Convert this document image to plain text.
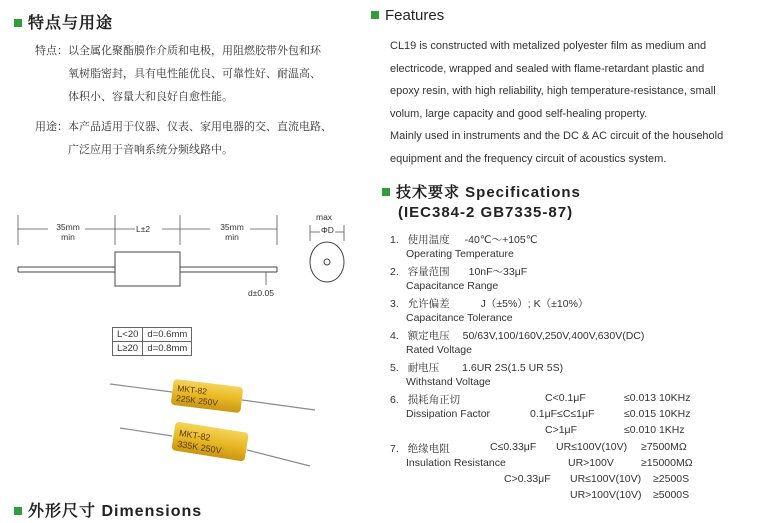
特点与用途
特点：以全属化聚酯膜作介质和电极，用阻燃胶带外包和环
氧树脂密封，具有电性能优良、可靠性好、耐温高、
体积小、容量大和良好自愈性能。
用途：本产品适用于仪器、仪表、家用电器的交、直流电路、
广泛应用于音响系统分频线路中。
35mm
min
L±2	35mm
min
max
ΦD
d±0.05
L<20	d=0.6mm
L≥20	d=0.8mm
MKT-82
225K 250V
MKT-82
335K 250V
外形尺寸 Dimensions
Features
CL19 is constructed with metalized polyester film as medium and
electricode, wrapped and sealed with flame-retardant plastic and
epoxy resin, with high reliability, high temperature-resistance, small
volum, large capacity and good self-healing property.
Mainly used in instruments and the DC & AC circuit of the household
equipment and the frequency circuit of acoustics system.
技术要求 Specifications
(IEC384-2 GB7335-87)
1. 使用温度 -40℃～+105℃
Operating Temperature
2. 容量范围 10nF～33μF
Capacitance Range
3. 允许偏差	J（±5%）; K（±10%）
Capacitance Tolerance
4. 额定电压 50/63V,100/160V,250V,400V,630V(DC)
Rated Voltage
5. 耐电压 1.6UR 2S(1.5 UR 5S)
Withstand Voltage
6. 损耗角正切	C<0.1μF	≤0.013 10KHz
Dissipation Factor	0.1μF≤C≤1μF	≤0.015 10KHz
C>1μF	≤0.010 1KHz
7. 绝缘电阻	C≤0.33μF UR≤100V(10V) ≥7500MΩ
Insulation Resistance	UR>100V	≥15000MΩ
C>0.33μF UR≤100V(10V) ≥2500S
UR>100V(10V) ≥5000S
